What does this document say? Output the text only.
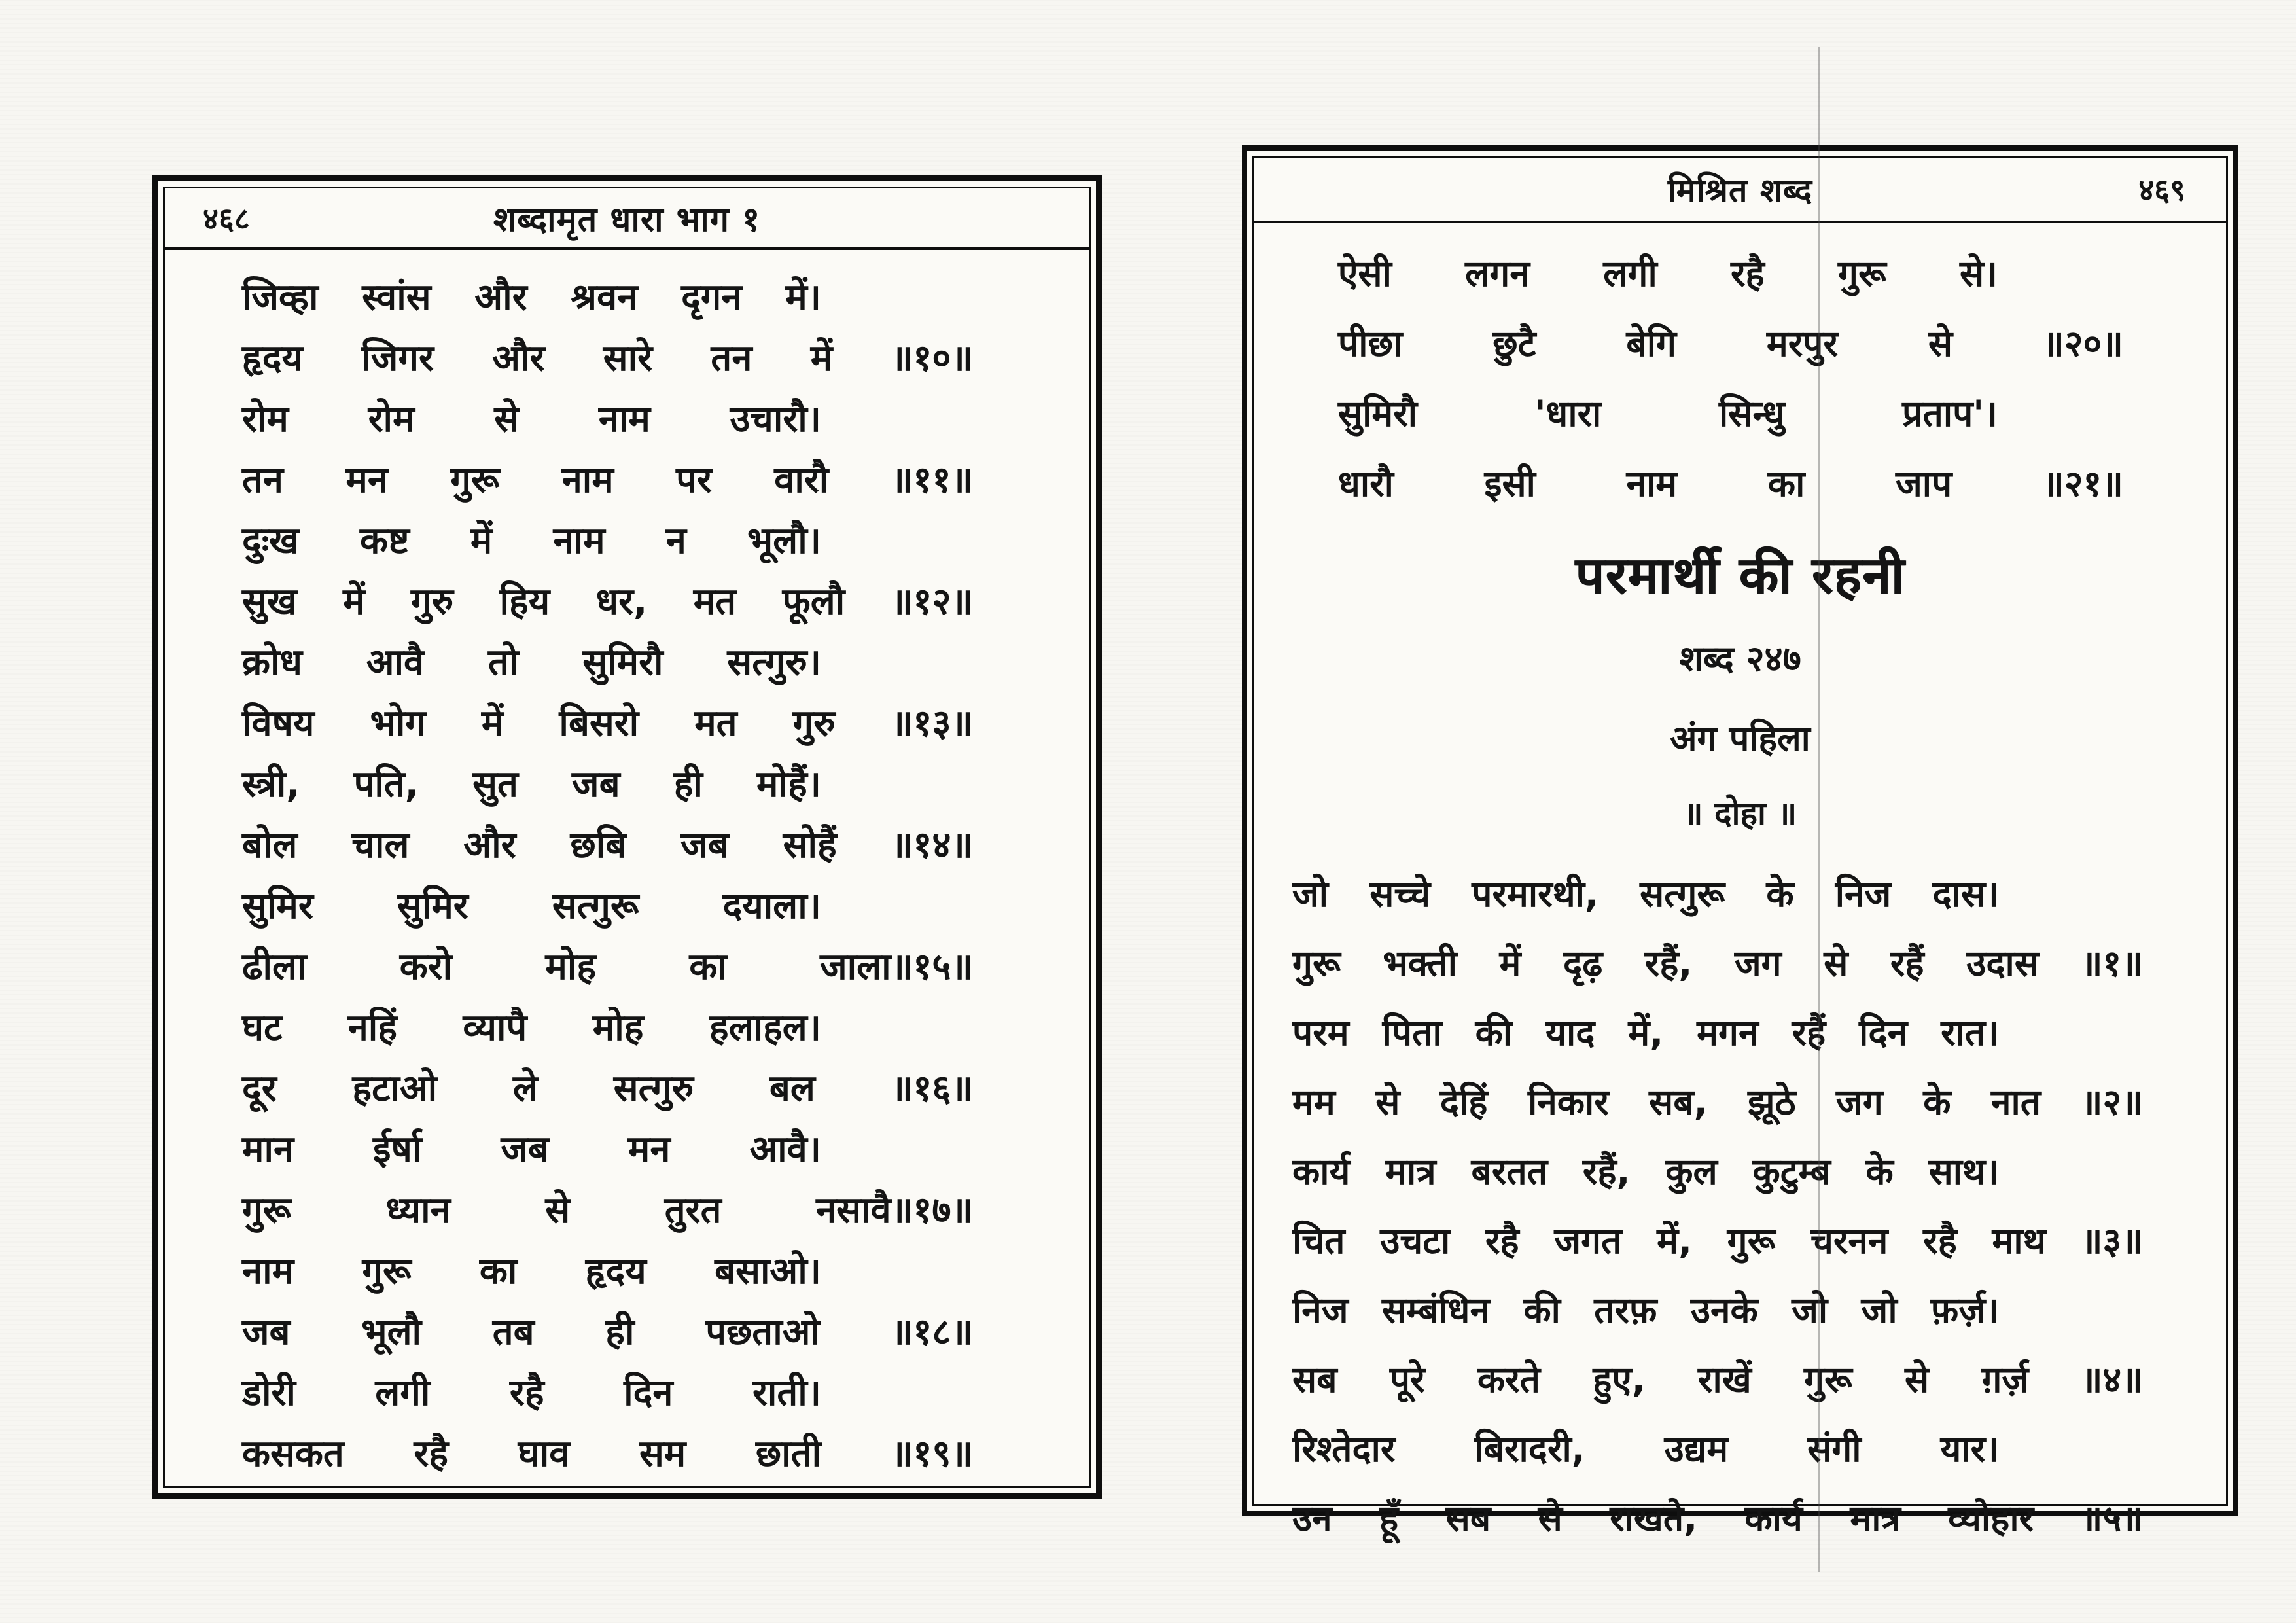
४६८	शब्दामृत धारा भाग १
जिव्हा स्वांस और श्रवन दृगन में।
हृदय जिगर और सारे तन में ॥१०॥
रोम रोम से नाम उचारौ।
तन मन गुरू नाम पर वारौ ॥११॥
दुःख कष्ट में नाम न भूलौ।
सुख में गुरु हिय धर, मत फूलौ ॥१२॥
क्रोध आवै तो सुमिरौ सत्गुरु।
विषय भोग में बिसरो मत गुरु ॥१३॥
स्त्री, पति, सुत जब ही मोहैं।
बोल चाल और छबि जब सोहैं ॥१४॥
सुमिर सुमिर सत्गुरू दयाला।
ढीला करो मोह का जाला॥१५॥
घट नहिं व्यापै मोह हलाहल।
दूर हटाओ ले सत्गुरु बल ॥१६॥
मान ईर्षा जब मन आवै।
गुरू ध्यान से तुरत नसावै॥१७॥
नाम गुरू का हृदय बसाओ।
जब भूलौ तब ही पछताओ ॥१८॥
डोरी लगी रहै दिन राती।
कसकत रहै घाव सम छाती ॥१९॥
मिश्रित शब्द	४६९
ऐसी लगन लगी रहै गुरू से।
पीछा छुटै बेगि मरपुर से ॥२०॥
सुमिरौ 'धारा सिन्धु प्रताप'।
धारौ इसी नाम का जाप ॥२१॥
परमार्थी की रहनी
शब्द २४७
अंग पहिला
॥ दोहा ॥
जो सच्चे परमारथी, सत्गुरू के निज दास।
गुरू भक्ती में दृढ़ रहैं, जग से रहैं उदास ॥१॥
परम पिता की याद में, मगन रहैं दिन रात।
मम से देहिं निकार सब, झूठे जग के नात ॥२॥
कार्य मात्र बरतत रहैं, कुल कुटुम्ब के साथ।
चित उचटा रहै जगत में, गुरू चरनन रहै माथ ॥३॥
निज सम्बंधिन की तरफ़ उनके जो जो फ़र्ज़।
सब पूरे करते हुए, राखें गुरू से ग़र्ज़ ॥४॥
रिश्तेदार बिरादरी, उद्यम संगी यार।
उन हूँ सब से राखते, कार्य मात्र व्योहार ॥५॥
